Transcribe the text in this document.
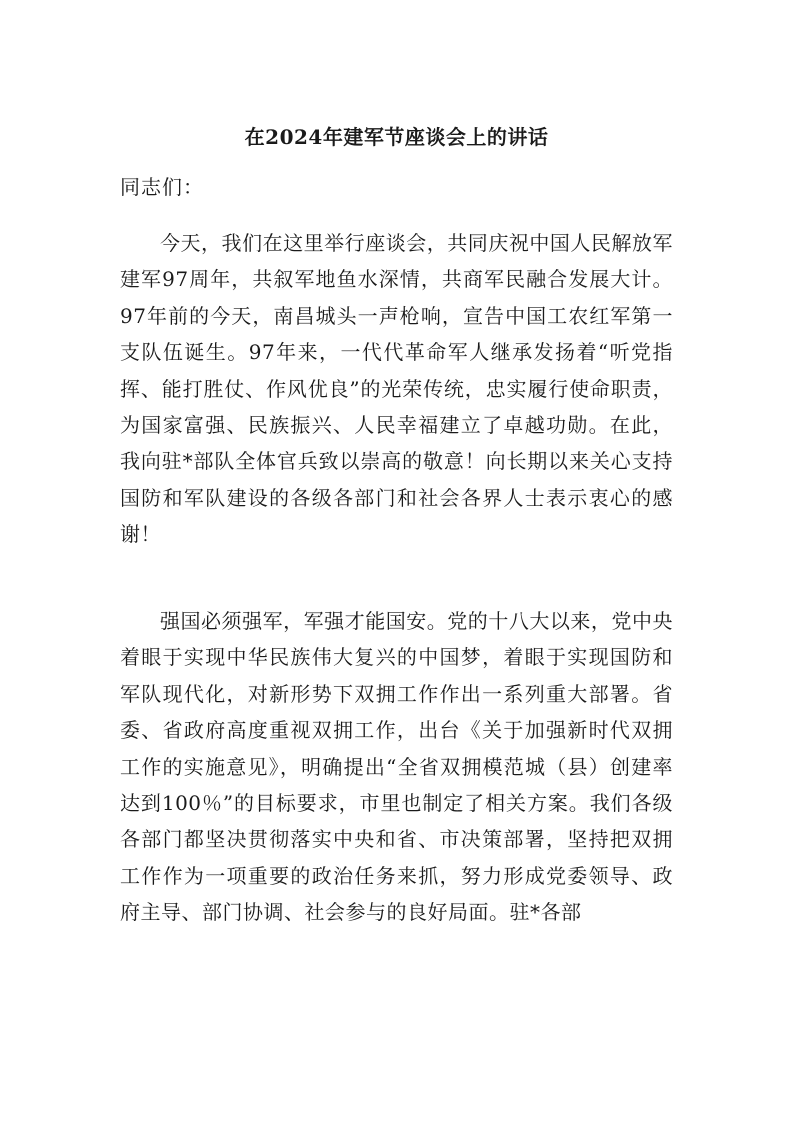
在2024年建军节座谈会上的讲话

同志们：

今天，我们在这里举行座谈会，共同庆祝中国人民解放军建军97周年，共叙军地鱼水深情，共商军民融合发展大计。97年前的今天，南昌城头一声枪响，宣告中国工农红军第一支队伍诞生。97年来，一代代革命军人继承发扬着“听党指挥、能打胜仗、作风优良”的光荣传统，忠实履行使命职责，为国家富强、民族振兴、人民幸福建立了卓越功勋。在此，我向驻*部队全体官兵致以崇高的敬意！向长期以来关心支持国防和军队建设的各级各部门和社会各界人士表示衷心的感谢！

强国必须强军，军强才能国安。党的十八大以来，党中央着眼于实现中华民族伟大复兴的中国梦，着眼于实现国防和军队现代化，对新形势下双拥工作作出一系列重大部署。省委、省政府高度重视双拥工作，出台《关于加强新时代双拥工作的实施意见》，明确提出“全省双拥模范城（县）创建率达到100％”的目标要求，市里也制定了相关方案。我们各级各部门都坚决贯彻落实中央和省、市决策部署，坚持把双拥工作作为一项重要的政治任务来抓，努力形成党委领导、政府主导、部门协调、社会参与的良好局面。驻*各部
